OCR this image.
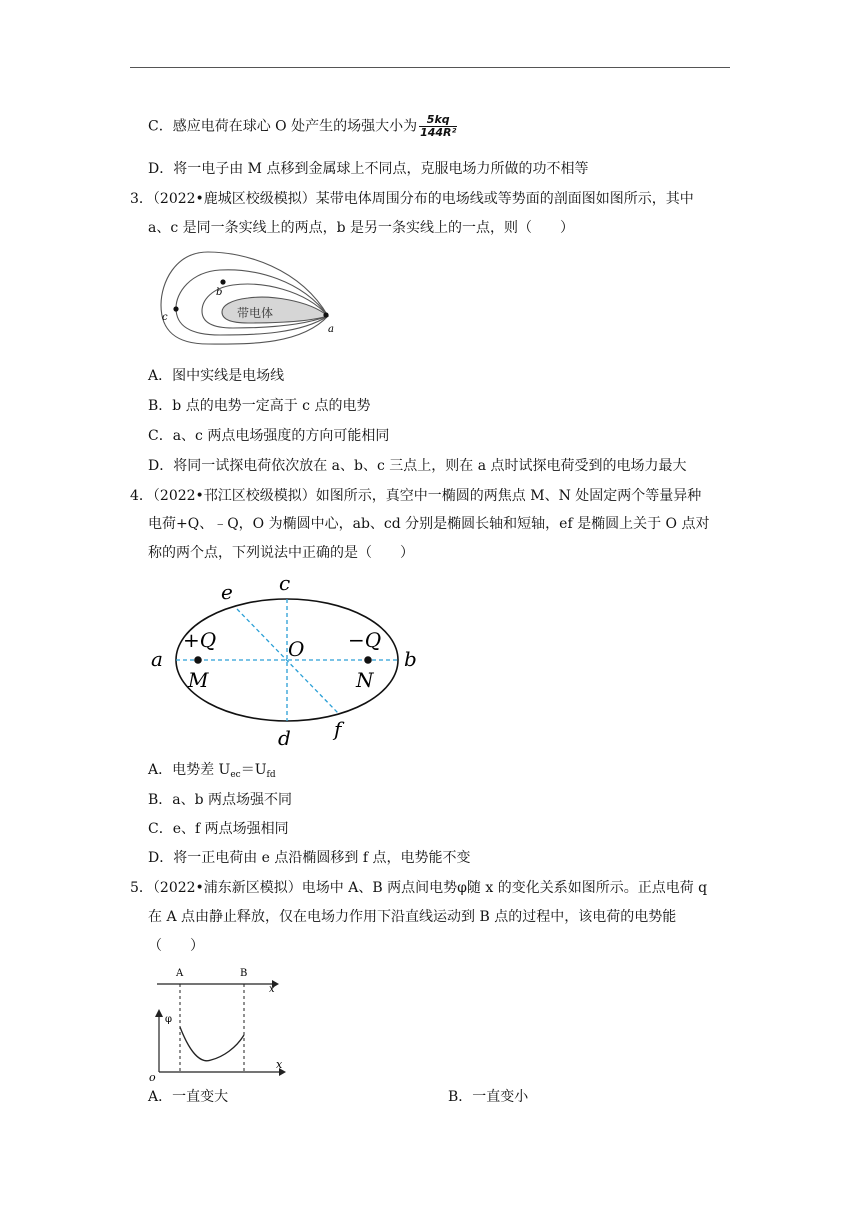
C．感应电荷在球心 O 处产生的场强大小为 $\frac{5kq}{\text{144R²}}$
D．将一电子由 M 点移到金属球上不同点，克服电场力所做的功不相等
3．（2022•鹿城区校级模拟）某带电体周围分布的电场线或等势面的剖面图如图所示，其中
a、c 是同一条实线上的两点，b 是另一条实线上的一点，则（　　）
带电体
a
b
c
A．图中实线是电场线
B．b 点的电势一定高于 c 点的电势
C．a、c 两点电场强度的方向可能相同
D．将同一试探电荷依次放在 a、b、c 三点上，则在 a 点时试探电荷受到的电场力最大
4．（2022•邗江区校级模拟）如图所示，真空中一椭圆的两焦点 M、N 处固定两个等量异种
电荷+Q、﹣Q，O 为椭圆中心，ab、cd 分别是椭圆长轴和短轴，ef 是椭圆上关于 O 点对
称的两个点，下列说法中正确的是（　　）
a	b
c
d
e
f
O
M	N
+Q	−Q
A．电势差 $U_{ec}=U_{fd}$
B．a、b 两点场强不同
C．e、f 两点场强相同
D．将一正电荷由 e 点沿椭圆移到 f 点，电势能不变
5．（2022•浦东新区模拟）电场中 A、B 两点间电势φ随 x 的变化关系如图所示。正点电荷 q
在 A 点由静止释放，仅在电场力作用下沿直线运动到 B 点的过程中，该电荷的电势能
（　　）
A	B
x
x
φ
o
A．一直变大	B．一直变小
